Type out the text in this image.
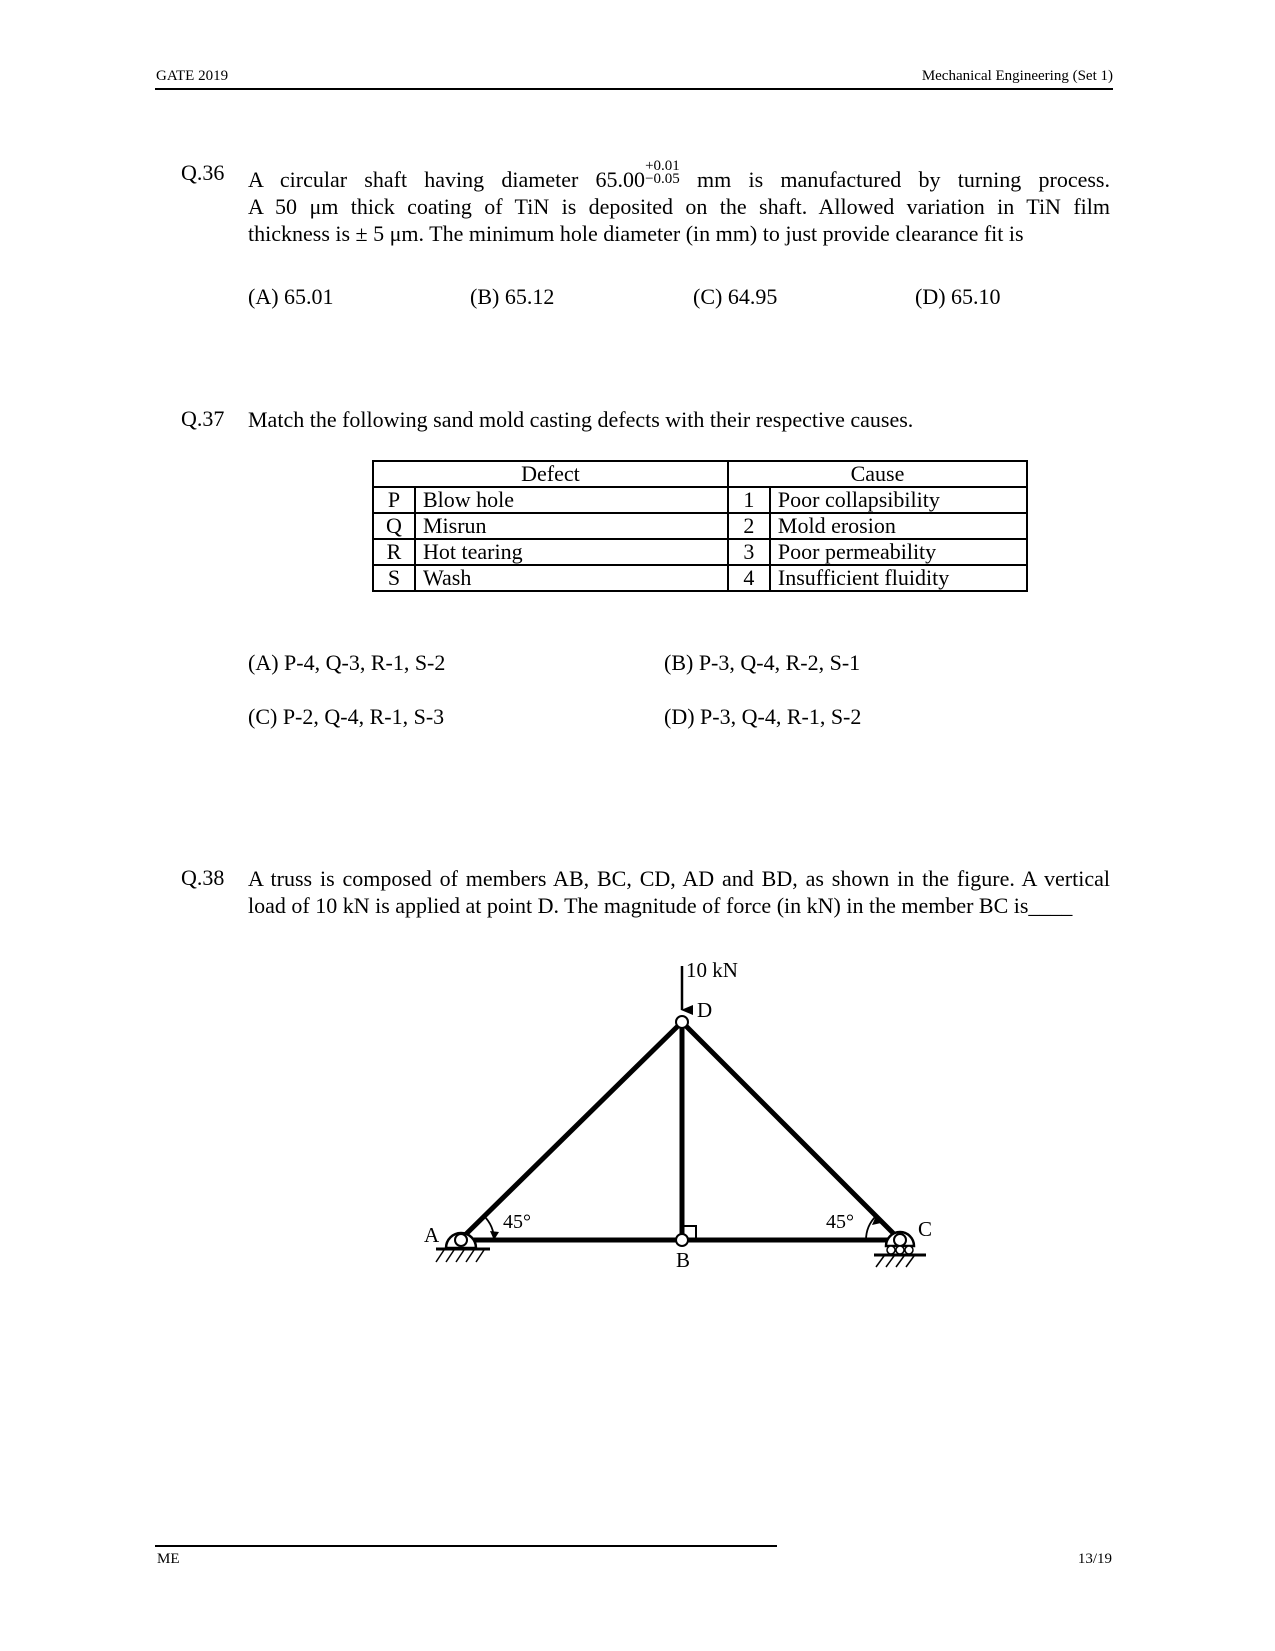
GATE 2019	Mechanical Engineering (Set 1)
Q.36 A circular shaft having diameter 65.00
$^{+0.01 -0.05}$ mm is manufactured by turning process.
A 50 μm thick coating of TiN is deposited on the shaft. Allowed variation in TiN film
thickness is ± 5 μm. The minimum hole diameter (in mm) to just provide clearance fit is
(A) 65.01	(B) 65.12	(C) 64.95	(D) 65.10
Q.37 Match the following sand mold casting defects with their respective causes.
Defect		Cause	
P	Blow hole	1	Poor collapsibility
Q	Misrun	2	Mold erosion
R	Hot tearing	3	Poor permeability
S	Wash	4	Insufficient fluidity
(A) P-4, Q-3, R-1, S-2	(B) P-3, Q-4, R-2, S-1
(C) P-2, Q-4, R-1, S-3	(D) P-3, Q-4, R-1, S-2
Q.38 A truss is composed of members AB, BC, CD, AD and BD, as shown in the figure. A vertical
load of 10 kN is applied at point D. The magnitude of force (in kN) in the member BC is____
10 kN
D
B
A	C
45°	45°
ME	13/19
